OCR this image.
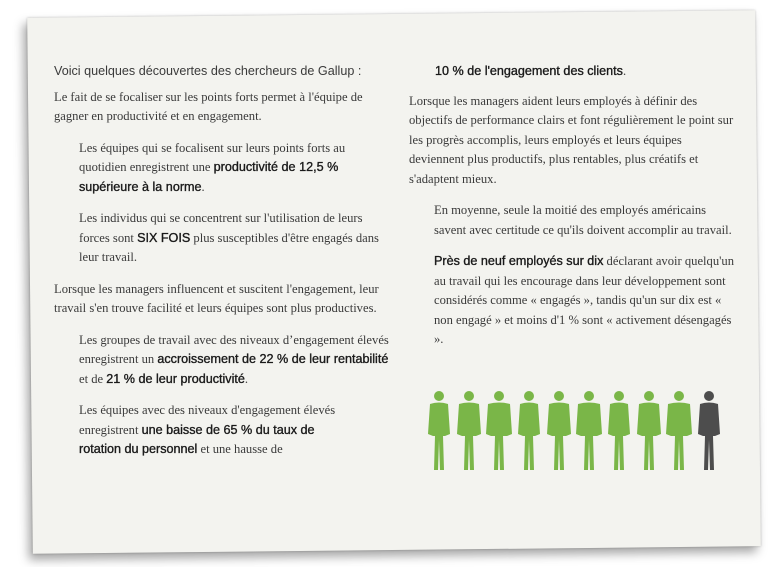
Voici quelques découvertes des chercheurs de Gallup :

Le fait de se focaliser sur les points forts permet à l'équipe de gagner en productivité et en engagement.

Les équipes qui se focalisent sur leurs points forts au quotidien enregistrent une productivité de 12,5 % supérieure à la norme.

Les individus qui se concentrent sur l'utilisation de leurs forces sont SIX FOIS plus susceptibles d'être engagés dans leur travail.

Lorsque les managers influencent et suscitent l'engagement, leur travail s'en trouve facilité et leurs équipes sont plus productives.

Les groupes de travail avec des niveaux d’engagement élevés enregistrent un accroissement de 22 % de leur rentabilité et de 21 % de leur productivité.

Les équipes avec des niveaux d'engagement élevés enregistrent une baisse de 65 % du taux de rotation du personnel et une hausse de

10 % de l'engagement des clients.

Lorsque les managers aident leurs employés à définir des objectifs de performance clairs et font régulièrement le point sur les progrès accomplis, leurs employés et leurs équipes deviennent plus productifs, plus rentables, plus créatifs et s'adaptent mieux.

En moyenne, seule la moitié des employés américains savent avec certitude ce qu'ils doivent accomplir au travail.

Près de neuf employés sur dix déclarant avoir quelqu'un au travail qui les encourage dans leur développement sont considérés comme « engagés », tandis qu'un sur dix est « non engagé » et moins d'1 % sont « activement désengagés ».
